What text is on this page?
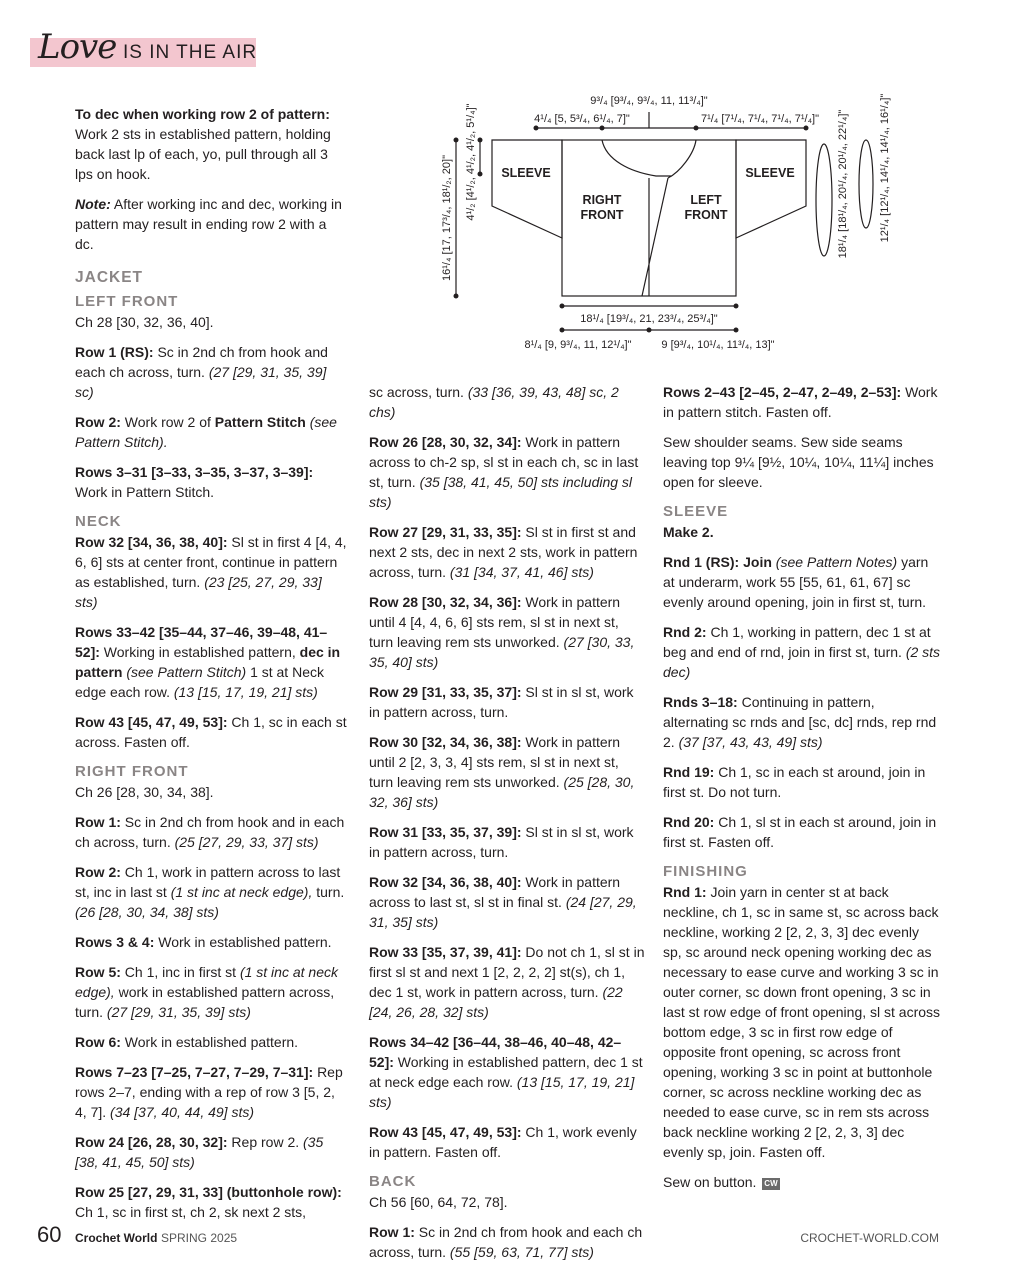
Love IS IN THE AIR
9³/₄ [9³/₄, 9³/₄, 11, 11³/₄]"
4¹/₄ [5, 5³/₄, 6¹/₄, 7]"	7¹/₄ [7¹/₄, 7¹/₄, 7¹/₄, 7¹/₄]"
SLEEVE	SLEEVE
RIGHT
FRONT
LEFT
FRONT
16¹/₄ [17, 17³/₄, 18¹/₂, 20]" 4¹/₂ [4¹/₂, 4¹/₂, 4¹/₂, 5¹/₄]"	18¹/₄ [18¹/₄, 20¹/₄, 20¹/₄, 22¹/₄]"	12¹/₄ [12¹/₄, 14¹/₄, 14¹/₄, 16¹/₄]"
18¹/₄ [19³/₄, 21, 23³/₄, 25³/₄]"
8¹/₄ [9, 9³/₄, 11, 12¹/₄]"	9 [9³/₄, 10¹/₄, 11³/₄, 13]"

To dec when working row 2 of pattern:
Work 2 sts in established pattern, holding back last lp of each, yo, pull through all 3 lps on hook.

Note: After working inc and dec, working in pattern may result in ending row 2 with a dc.

JACKET
LEFT FRONT

Ch 28 [30, 32, 36, 40].

Row 1 (RS): Sc in 2nd ch from hook and each ch across, turn. (27 [29, 31, 35, 39] sc)

Row 2: Work row 2 of Pattern Stitch (see Pattern Stitch).

Rows 3–31 [3–33, 3–35, 3–37, 3–39]: Work in Pattern Stitch.

NECK

Row 32 [34, 36, 38, 40]: Sl st in first 4 [4, 4, 6, 6] sts at center front, continue in pattern as established, turn. (23 [25, 27, 29, 33] sts)

Rows 33–42 [35–44, 37–46, 39–48, 41–52]: Working in established pattern, dec in pattern (see Pattern Stitch) 1 st at Neck edge each row. (13 [15, 17, 19, 21] sts)

Row 43 [45, 47, 49, 53]: Ch 1, sc in each st across. Fasten off.

RIGHT FRONT

Ch 26 [28, 30, 34, 38].

Row 1: Sc in 2nd ch from hook and in each ch across, turn. (25 [27, 29, 33, 37] sts)

Row 2: Ch 1, work in pattern across to last st, inc in last st (1 st inc at neck edge), turn. (26 [28, 30, 34, 38] sts)

Rows 3 & 4: Work in established pattern.

Row 5: Ch 1, inc in first st (1 st inc at neck edge), work in established pattern across, turn. (27 [29, 31, 35, 39] sts)

Row 6: Work in established pattern.

Rows 7–23 [7–25, 7–27, 7–29, 7–31]: Rep rows 2–7, ending with a rep of row 3 [5, 2, 4, 7]. (34 [37, 40, 44, 49] sts)

Row 24 [26, 28, 30, 32]: Rep row 2. (35 [38, 41, 45, 50] sts)

Row 25 [27, 29, 31, 33] (buttonhole row): Ch 1, sc in first st, ch 2, sk next 2 sts,

sc across, turn. (33 [36, 39, 43, 48] sc, 2 chs)

Row 26 [28, 30, 32, 34]: Work in pattern across to ch-2 sp, sl st in each ch, sc in last st, turn. (35 [38, 41, 45, 50] sts including sl sts)

Row 27 [29, 31, 33, 35]: Sl st in first st and next 2 sts, dec in next 2 sts, work in pattern across, turn. (31 [34, 37, 41, 46] sts)

Row 28 [30, 32, 34, 36]: Work in pattern until 4 [4, 4, 6, 6] sts rem, sl st in next st, turn leaving rem sts unworked. (27 [30, 33, 35, 40] sts)

Row 29 [31, 33, 35, 37]: Sl st in sl st, work in pattern across, turn.

Row 30 [32, 34, 36, 38]: Work in pattern until 2 [2, 3, 3, 4] sts rem, sl st in next st, turn leaving rem sts unworked. (25 [28, 30, 32, 36] sts)

Row 31 [33, 35, 37, 39]: Sl st in sl st, work in pattern across, turn.

Row 32 [34, 36, 38, 40]: Work in pattern across to last st, sl st in final st. (24 [27, 29, 31, 35] sts)

Row 33 [35, 37, 39, 41]: Do not ch 1, sl st in first sl st and next 1 [2, 2, 2, 2] st(s), ch 1, dec 1 st, work in pattern across, turn. (22 [24, 26, 28, 32] sts)

Rows 34–42 [36–44, 38–46, 40–48, 42–52]: Working in established pattern, dec 1 st at neck edge each row. (13 [15, 17, 19, 21] sts)

Row 43 [45, 47, 49, 53]: Ch 1, work evenly in pattern. Fasten off.

BACK

Ch 56 [60, 64, 72, 78].

Row 1: Sc in 2nd ch from hook and each ch across, turn. (55 [59, 63, 71, 77] sts)

Rows 2–43 [2–45, 2–47, 2–49, 2–53]: Work in pattern stitch. Fasten off.

Sew shoulder seams. Sew side seams leaving top 9¼ [9½, 10¼, 10¼, 11¼] inches open for sleeve.

SLEEVE

Make 2.

Rnd 1 (RS): Join (see Pattern Notes) yarn at underarm, work 55 [55, 61, 61, 67] sc evenly around opening, join in first st, turn.

Rnd 2: Ch 1, working in pattern, dec 1 st at beg and end of rnd, join in first st, turn. (2 sts dec)

Rnds 3–18: Continuing in pattern, alternating sc rnds and [sc, dc] rnds, rep rnd 2. (37 [37, 43, 43, 49] sts)

Rnd 19: Ch 1, sc in each st around, join in first st. Do not turn.

Rnd 20: Ch 1, sl st in each st around, join in first st. Fasten off.

FINISHING

Rnd 1: Join yarn in center st at back neckline, ch 1, sc in same st, sc across back neckline, working 2 [2, 2, 3, 3] dec evenly sp, sc around neck opening working dec as necessary to ease curve and working 3 sc in outer corner, sc down front opening, 3 sc in last st row edge of front opening, sl st across bottom edge, 3 sc in first row edge of opposite front opening, sc across front opening, working 3 sc in point at buttonhole corner, sc across neckline working dec as needed to ease curve, sc in rem sts across back neckline working 2 [2, 2, 3, 3] dec evenly sp, join. Fasten off.

Sew on button. CW

60 Crochet World SPRING 2025	CROCHET-WORLD.COM
